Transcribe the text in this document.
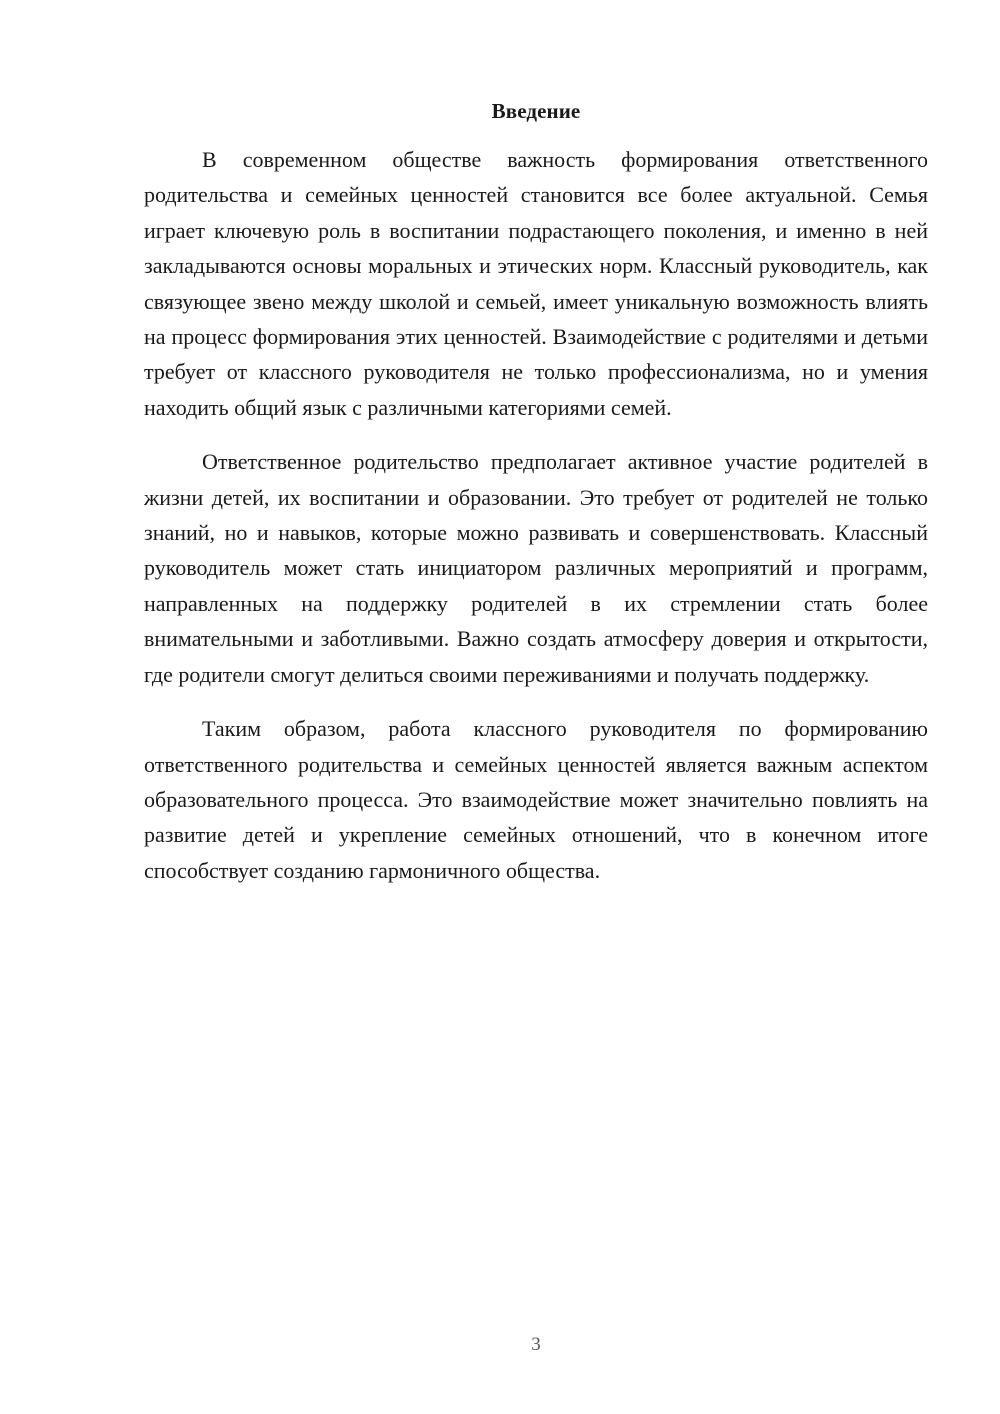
Введение

В современном обществе важность формирования ответственного родительства и семейных ценностей становится все более актуальной. Семья играет ключевую роль в воспитании подрастающего поколения, и именно в ней закладываются основы моральных и этических норм. Классный руководитель, как связующее звено между школой и семьей, имеет уникальную возможность влиять на процесс формирования этих ценностей. Взаимодействие с родителями и детьми требует от классного руководителя не только профессионализма, но и умения находить общий язык с различными категориями семей.

Ответственное родительство предполагает активное участие родителей в жизни детей, их воспитании и образовании. Это требует от родителей не только знаний, но и навыков, которые можно развивать и совершенствовать. Классный руководитель может стать инициатором различных мероприятий и программ, направленных на поддержку родителей в их стремлении стать более внимательными и заботливыми. Важно создать атмосферу доверия и открытости, где родители смогут делиться своими переживаниями и получать поддержку.

Таким образом, работа классного руководителя по формированию ответственного родительства и семейных ценностей является важным аспектом образовательного процесса. Это взаимодействие может значительно повлиять на развитие детей и укрепление семейных отношений, что в конечном итоге способствует созданию гармоничного общества.

3
